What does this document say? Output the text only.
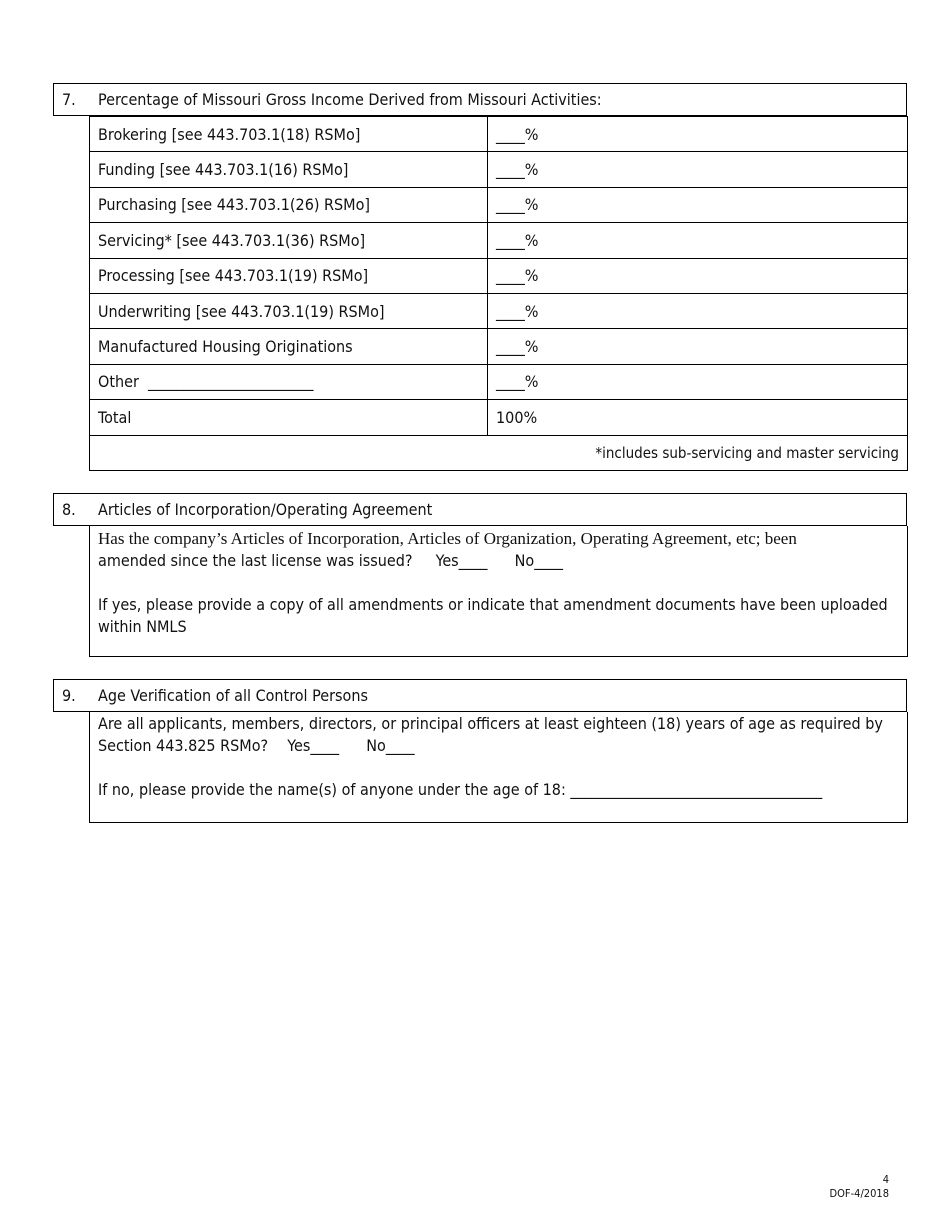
7.	Percentage of Missouri Gross Income Derived from Missouri Activities:
Brokering [see 443.703.1(18) RSMo]	____%
Funding [see 443.703.1(16) RSMo]	____%
Purchasing [see 443.703.1(26) RSMo]	____%
Servicing* [see 443.703.1(36) RSMo]	____%
Processing [see 443.703.1(19) RSMo]	____%
Underwriting [see 443.703.1(19) RSMo]	____%
Manufactured Housing Originations	____%
Other  _______________________	____%
Total	100%
*includes sub-servicing and master servicing	
8.	Articles of Incorporation/Operating Agreement
Has the company’s Articles of Incorporation, Articles of Organization, Operating Agreement, etc; been
amended since the last license was issued? Yes____ No____
If yes, please provide a copy of all amendments or indicate that amendment documents have been uploaded within NMLS
9.	Age Verification of all Control Persons
Are all applicants, members, directors, or principal officers at least eighteen (18) years of age as required by Section 443.825 RSMo? Yes____ No____
If no, please provide the name(s) of anyone under the age of 18: ___________________________________
4
DOF-4/2018
